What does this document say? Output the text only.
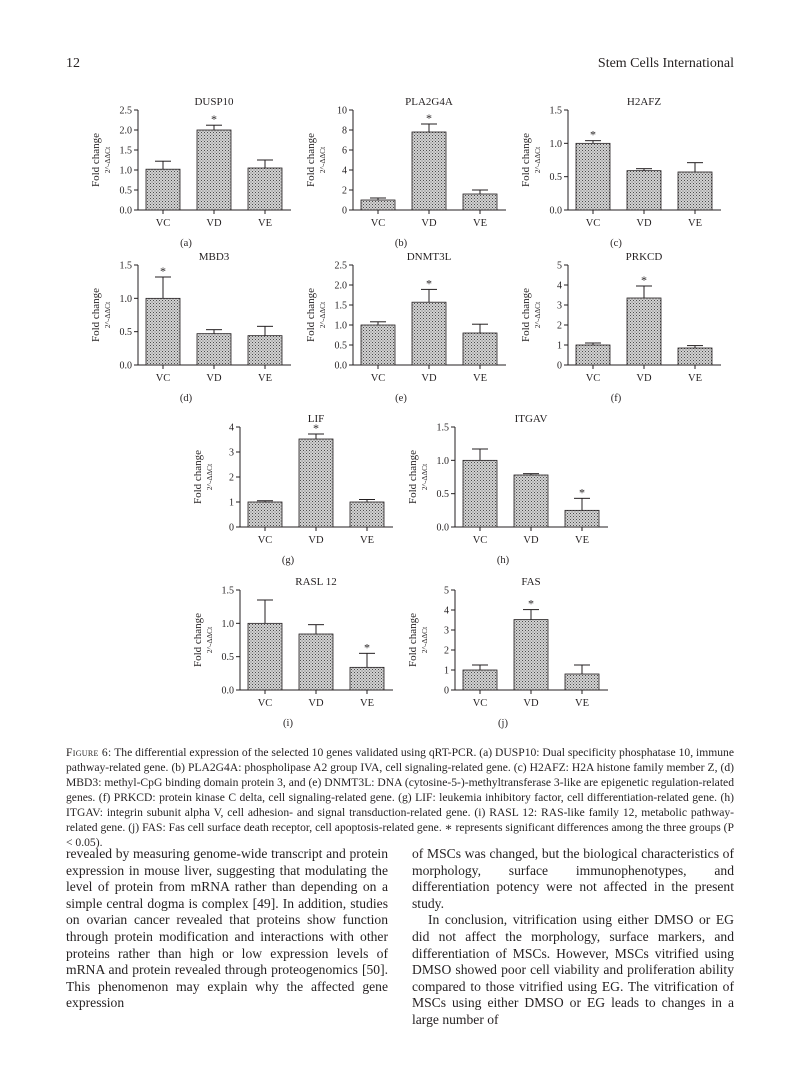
12	Stem Cells International
DUSP10
Fold change 2^-ΔΔCt
0.0
0.5
1.0
1.5
2.0
2.5
VC
*
VD	VE
(a)
PLA2G4A
Fold change 2^-ΔΔCt
0
2
4
6
8
10
VC
*
VD	VE
(b)
H2AFZ
Fold change 2^-ΔΔCt
0.0
0.5
1.0
1.5
*
VC	VD	VE
(c)
MBD3
Fold change 2^-ΔΔCt
0.0
0.5
1.0
1.5 *
VC	VD	VE
(d)
DNMT3L
Fold change 2^-ΔΔCt
0.0
0.5
1.0
1.5
2.0
2.5
VC
*
VD	VE
(e)
PRKCD
Fold change 2^-ΔΔCt
0
1
2
3
4
5
VC
*
VD	VE
(f)
LIF
Fold change 2^-ΔΔCt
0
1
2
3
4
VC
*
VD	VE
(g)
ITGAV
Fold change 2^-ΔΔCt
0.0
0.5
1.0
1.5
VC	VD
*
VE
(h)
RASL 12
Fold change 2^-ΔΔCt
0.0
0.5
1.0
1.5
VC	VD
*
VE
(i)
FAS
Fold change 2^-ΔΔCt
0
1
2
3
4
5
VC
*
VD	VE
(j)
Figure 6: The differential expression of the selected 10 genes validated using qRT-PCR. (a) DUSP10: Dual specificity phosphatase 10, immune pathway-related gene. (b) PLA2G4A: phospholipase A2 group IVA, cell signaling-related gene. (c) H2AFZ: H2A histone family member Z, (d) MBD3: methyl-CpG binding domain protein 3, and (e) DNMT3L: DNA (cytosine-5-)-methyltransferase 3-like are epigenetic regulation-related genes. (f) PRKCD: protein kinase C delta, cell signaling-related gene. (g) LIF: leukemia inhibitory factor, cell differentiation-related gene. (h) ITGAV: integrin subunit alpha V, cell adhesion- and signal transduction-related gene. (i) RASL 12: RAS-like family 12, metabolic pathway-related gene. (j) FAS: Fas cell surface death receptor, cell apoptosis-related gene. ∗ represents significant differences among the three groups (P < 0.05).

revealed by measuring genome-wide transcript and protein expression in mouse liver, suggesting that modulating the level of protein from mRNA rather than depending on a simple central dogma is complex [49]. In addition, studies on ovarian cancer revealed that proteins show function through protein modification and interactions with other proteins rather than high or low expression levels of mRNA and protein revealed through proteogenomics [50]. This phenomenon may explain why the affected gene expression

of MSCs was changed, but the biological characteristics of morphology, surface immunophenotypes, and differentiation potency were not affected in the present study.

In conclusion, vitrification using either DMSO or EG did not affect the morphology, surface markers, and differentiation of MSCs. However, MSCs vitrified using DMSO showed poor cell viability and proliferation ability compared to those vitrified using EG. The vitrification of MSCs using either DMSO or EG leads to changes in a large number of
